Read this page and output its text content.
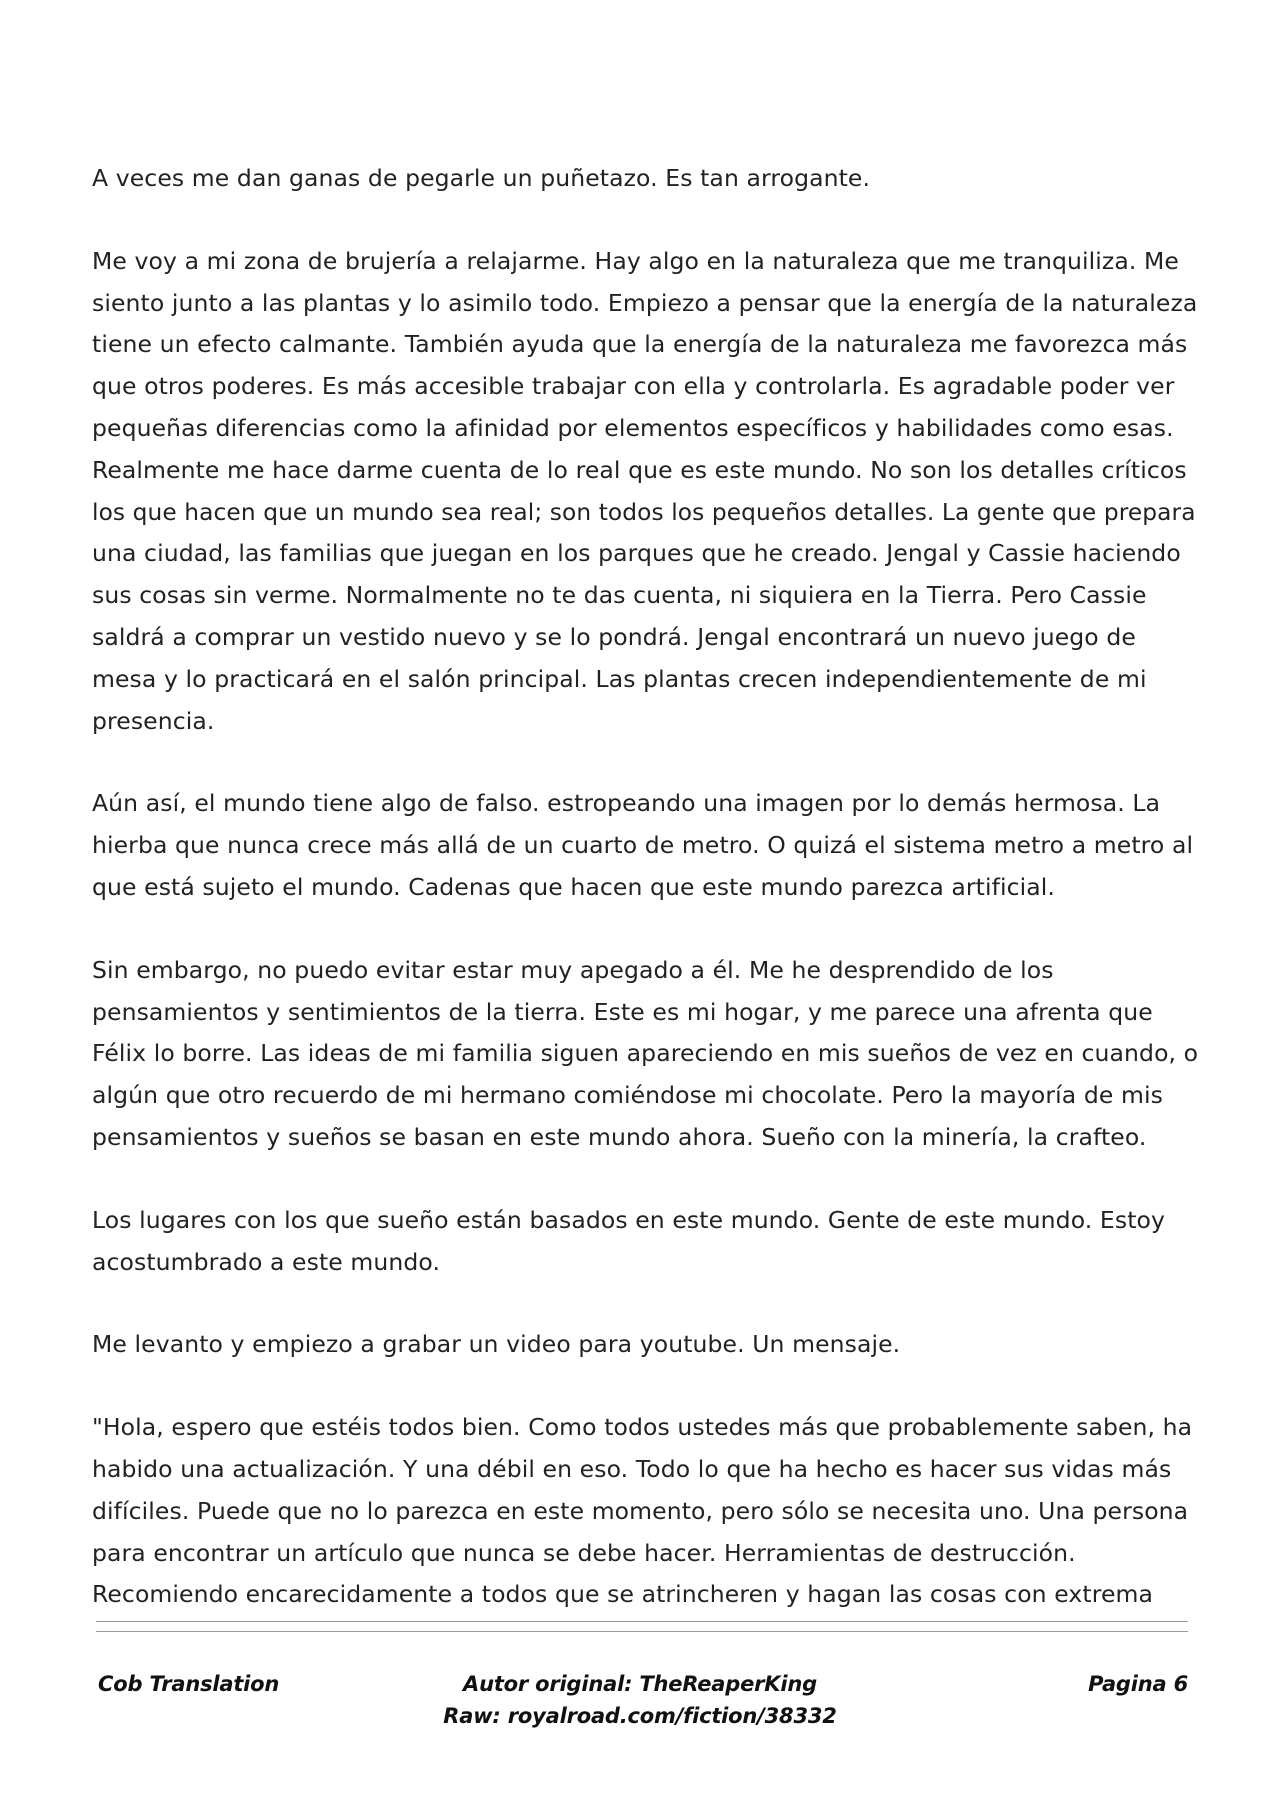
A veces me dan ganas de pegarle un puñetazo. Es tan arrogante.

Me voy a mi zona de brujería a relajarme. Hay algo en la naturaleza que me tranquiliza. Me
siento junto a las plantas y lo asimilo todo. Empiezo a pensar que la energía de la naturaleza
tiene un efecto calmante. También ayuda que la energía de la naturaleza me favorezca más
que otros poderes. Es más accesible trabajar con ella y controlarla. Es agradable poder ver
pequeñas diferencias como la afinidad por elementos específicos y habilidades como esas.
Realmente me hace darme cuenta de lo real que es este mundo. No son los detalles críticos
los que hacen que un mundo sea real; son todos los pequeños detalles. La gente que prepara
una ciudad, las familias que juegan en los parques que he creado. Jengal y Cassie haciendo
sus cosas sin verme. Normalmente no te das cuenta, ni siquiera en la Tierra. Pero Cassie
saldrá a comprar un vestido nuevo y se lo pondrá. Jengal encontrará un nuevo juego de
mesa y lo practicará en el salón principal. Las plantas crecen independientemente de mi
presencia.

Aún así, el mundo tiene algo de falso. estropeando una imagen por lo demás hermosa. La
hierba que nunca crece más allá de un cuarto de metro. O quizá el sistema metro a metro al
que está sujeto el mundo. Cadenas que hacen que este mundo parezca artificial.

Sin embargo, no puedo evitar estar muy apegado a él. Me he desprendido de los
pensamientos y sentimientos de la tierra. Este es mi hogar, y me parece una afrenta que
Félix lo borre. Las ideas de mi familia siguen apareciendo en mis sueños de vez en cuando, o
algún que otro recuerdo de mi hermano comiéndose mi chocolate. Pero la mayoría de mis
pensamientos y sueños se basan en este mundo ahora. Sueño con la minería, la crafteo.

Los lugares con los que sueño están basados en este mundo. Gente de este mundo. Estoy
acostumbrado a este mundo.

Me levanto y empiezo a grabar un video para youtube. Un mensaje.

"Hola, espero que estéis todos bien. Como todos ustedes más que probablemente saben, ha
habido una actualización. Y una débil en eso. Todo lo que ha hecho es hacer sus vidas más
difíciles. Puede que no lo parezca en este momento, pero sólo se necesita uno. Una persona
para encontrar un artículo que nunca se debe hacer. Herramientas de destrucción.
Recomiendo encarecidamente a todos que se atrincheren y hagan las cosas con extrema

Cob Translation	Autor original: TheReaperKing
Raw: royalroad.com/fiction/38332
Pagina 6
